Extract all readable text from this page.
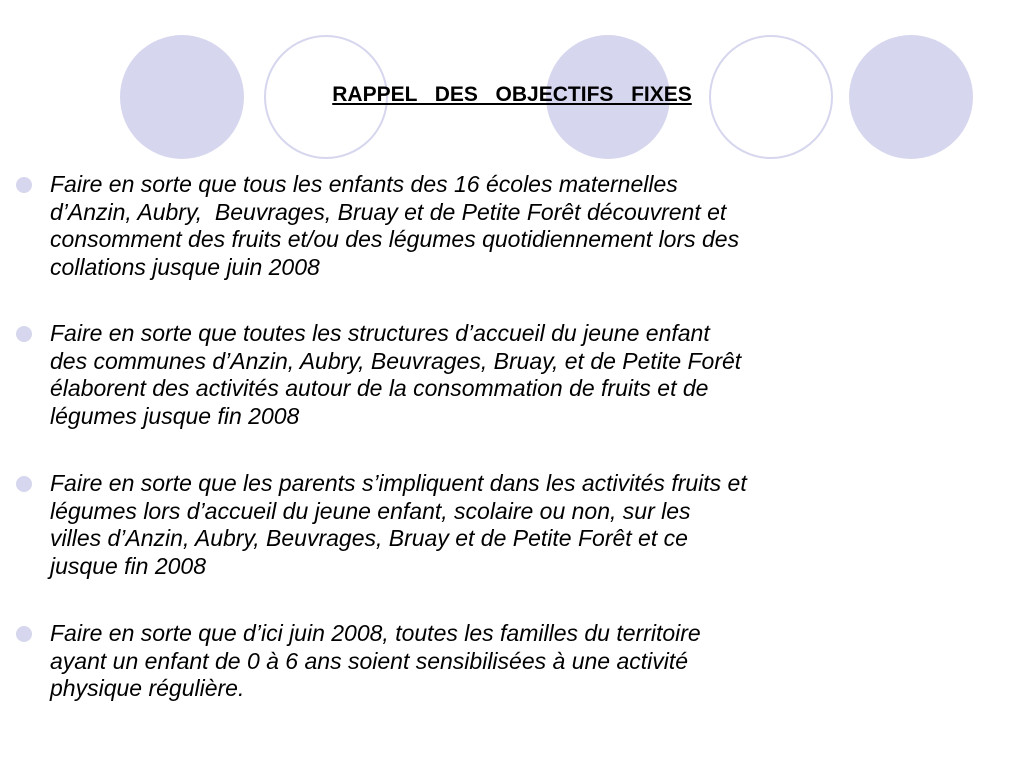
RAPPEL  DES  OBJECTIFS  FIXES
Faire en sorte que tous les enfants des 16 écoles maternelles
d’Anzin, Aubry,  Beuvrages, Bruay et de Petite Forêt découvrent et
consomment des fruits et/ou des légumes quotidiennement lors des
collations jusque juin 2008
Faire en sorte que toutes les structures d’accueil du jeune enfant
des communes d’Anzin, Aubry, Beuvrages, Bruay, et de Petite Forêt
élaborent des activités autour de la consommation de fruits et de
légumes jusque fin 2008
Faire en sorte que les parents s’impliquent dans les activités fruits et
légumes lors d’accueil du jeune enfant, scolaire ou non, sur les
villes d’Anzin, Aubry, Beuvrages, Bruay et de Petite Forêt et ce
jusque fin 2008
Faire en sorte que d’ici juin 2008, toutes les familles du territoire
ayant un enfant de 0 à 6 ans soient sensibilisées à une activité
physique régulière.
